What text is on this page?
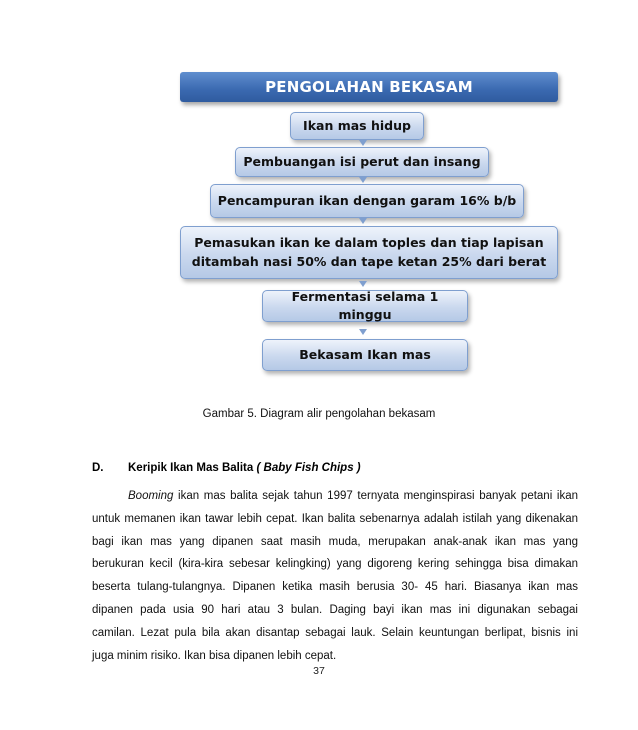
PENGOLAHAN BEKASAM
Ikan mas hidup
Pembuangan isi perut dan insang
Pencampuran ikan dengan garam 16% b/b
Pemasukan ikan ke dalam toples dan tiap lapisan
ditambah nasi 50% dan tape ketan 25% dari berat
Fermentasi selama 1 minggu
Bekasam Ikan mas
Gambar 5. Diagram alir pengolahan bekasam
D. Keripik Ikan Mas Balita ( Baby Fish Chips )
Booming ikan mas balita sejak tahun 1997 ternyata menginspirasi banyak petani ikan
untuk memanen ikan tawar lebih cepat. Ikan balita sebenarnya adalah istilah yang dikenakan
bagi ikan mas yang dipanen saat masih muda, merupakan anak-anak ikan mas yang
berukuran kecil (kira-kira sebesar kelingking) yang digoreng kering sehingga bisa dimakan
beserta tulang-tulangnya. Dipanen ketika masih berusia 30- 45 hari. Biasanya ikan mas
dipanen pada usia 90 hari atau 3 bulan. Daging bayi ikan mas ini digunakan sebagai
camilan. Lezat pula bila akan disantap sebagai lauk. Selain keuntungan berlipat, bisnis ini
juga minim risiko. Ikan bisa dipanen lebih cepat.
37
